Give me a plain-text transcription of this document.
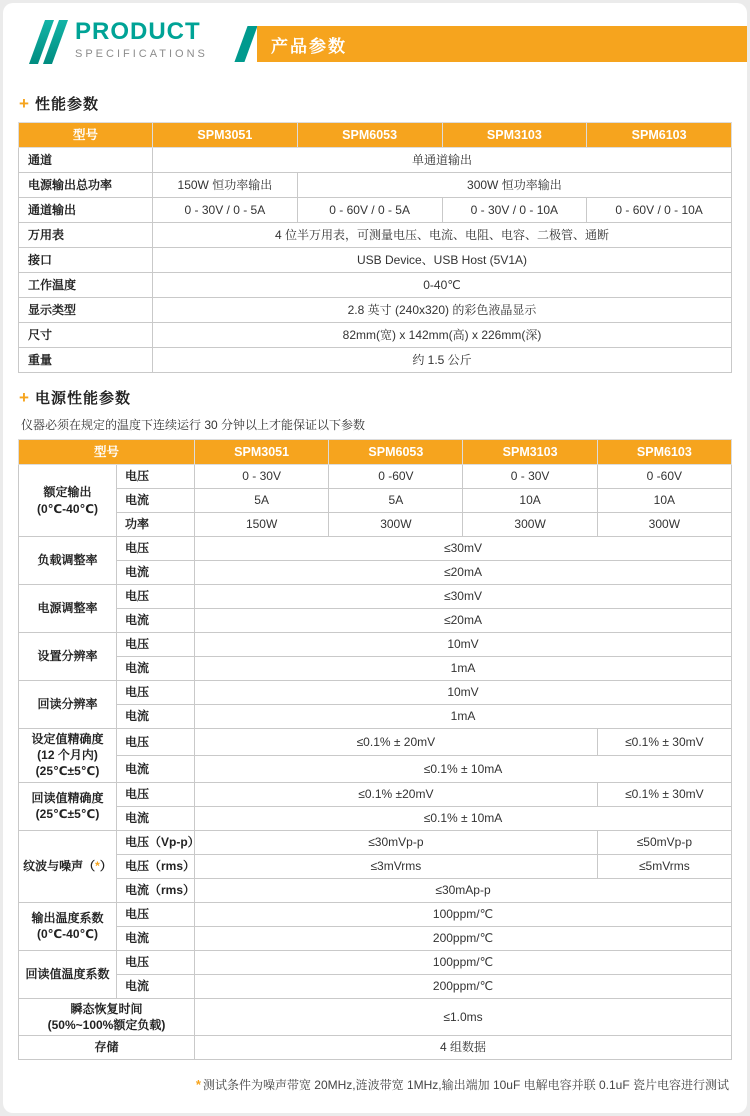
PRODUCT
SPECIFICATIONS	产品参数
+ 性能参数
型号	SPM3051	SPM6053	SPM3103	SPM6103
通道	单通道输出			
电源输出总功率	150W 恒功率输出	300W 恒功率输出		
通道输出	0 - 30V / 0 - 5A	0 - 60V / 0 - 5A	0 - 30V / 0 - 10A	0 - 60V / 0 - 10A
万用表	4 位半万用表，可测量电压、电流、电阻、电容、二极管、通断			
接口	USB Device、USB Host (5V1A)			
工作温度	0-40℃			
显示类型	2.8 英寸 (240x320) 的彩色液晶显示			
尺寸	82mm(宽) x 142mm(高) x 226mm(深)			
重量	约 1.5 公斤			
+ 电源性能参数

仪器必须在规定的温度下连续运行 30 分钟以上才能保证以下参数

型号		SPM3051	SPM6053	SPM3103	SPM6103

额定输出
(0℃-40℃)	电压	0 - 30V	0 -60V	0 - 30V	0 -60V
	电流	5A	5A	10A	10A
	功率	150W	300W	300W	300W

负载调整率	电压	≤30mV			
	电流	≤20mA			

电源调整率	电压	≤30mV			
	电流	≤20mA			

设置分辨率	电压	10mV			
	电流	1mA			

回读分辨率	电压	10mV			
	电流	1mA			

设定值精确度
(12 个月内)
(25℃±5℃)	电压	≤0.1% ± 20mV			≤0.1% ± 30mV
	电流	≤0.1% ± 10mA			

回读值精确度
(25℃±5℃)	电压	≤0.1% ±20mV			≤0.1% ± 30mV
	电流	≤0.1% ± 10mA			

纹波与噪声（*）	电压（Vp-p）	≤30mVp-p			≤50mVp-p
	电压（rms）	≤3mVrms			≤5mVrms
	电流（rms）	≤30mAp-p			

输出温度系数
(0℃-40℃)	电压	100ppm/℃			
	电流	200ppm/℃			

回读值温度系数	电压	100ppm/℃			
	电流	200ppm/℃			

瞬态恢复时间
(50%~100%额定负载)		≤1.0ms			

存储		4 组数据			
* 测试条件为噪声带宽 20MHz,涟波带宽 1MHz,输出端加 10uF 电解电容并联 0.1uF 瓷片电容进行测试
